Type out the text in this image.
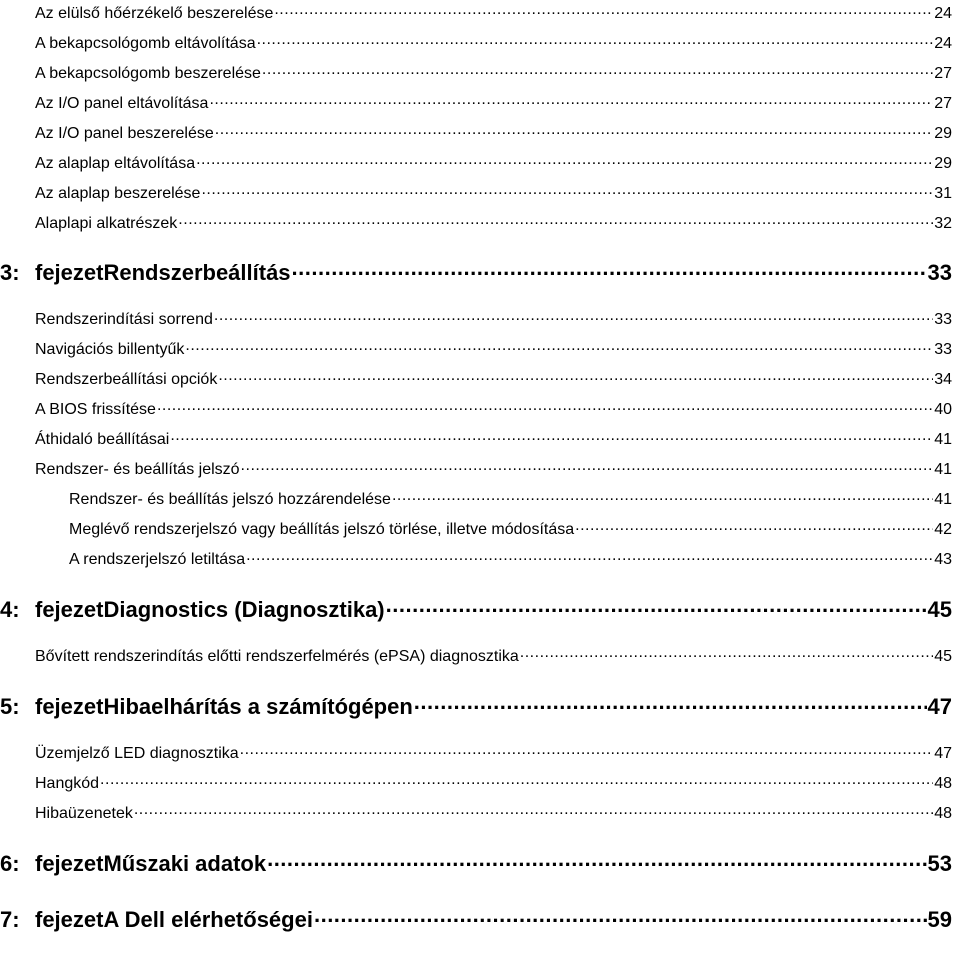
Az elülső hőérzékelő beszerelése .....	24
A bekapcsológomb eltávolítása .....	24
A bekapcsológomb beszerelése .....	27
Az I/O panel eltávolítása .....	27
Az I/O panel beszerelése .....	29
Az alaplap eltávolítása .....	29
Az alaplap beszerelése .....	31
Alaplapi alkatrészek .....	32
3: fejezetRendszerbeállítás .....	33
Rendszerindítási sorrend .....	33
Navigációs billentyűk .....	33
Rendszerbeállítási opciók .....	34
A BIOS frissítése .....	40
Áthidaló beállításai .....	41
Rendszer- és beállítás jelszó .....	41
Rendszer- és beállítás jelszó hozzárendelése .....	41
Meglévő rendszerjelszó vagy beállítás jelszó törlése, illetve módosítása .....	42
A rendszerjelszó letiltása .....	43
4: fejezetDiagnostics (Diagnosztika) .....	45
Bővített rendszerindítás előtti rendszerfelmérés (ePSA) diagnosztika .....	45
5: fejezetHibaelhárítás a számítógépen .....	47
Üzemjelző LED diagnosztika .....	47
Hangkód .....	48
Hibaüzenetek .....	48
6: fejezetMűszaki adatok .....	53
7: fejezetA Dell elérhetőségei .....	59
